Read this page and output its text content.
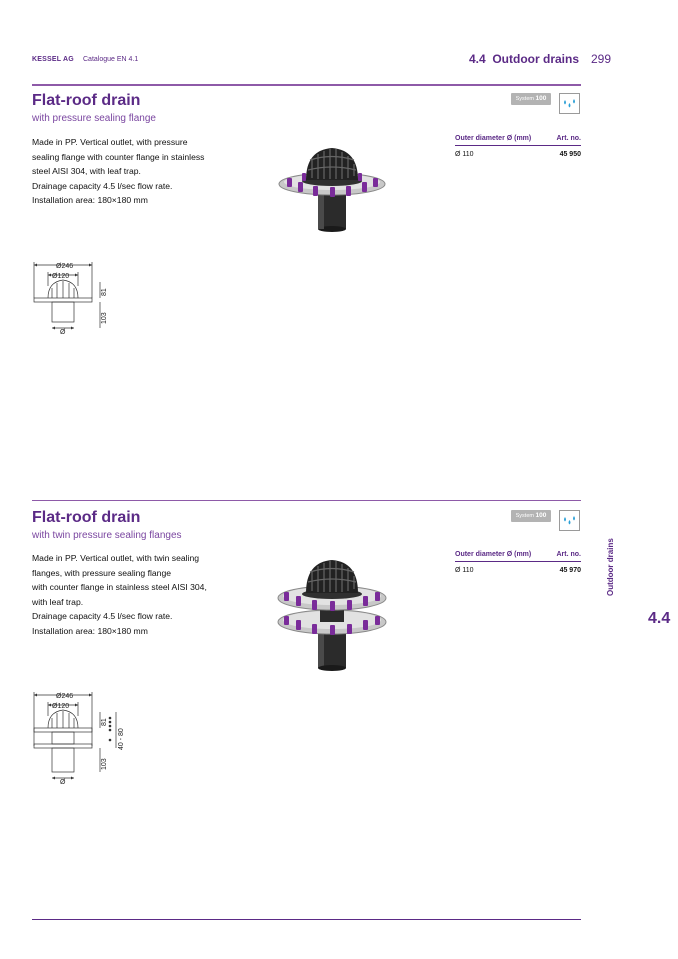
KESSEL AG Catalogue EN 4.1	4.4  Outdoor drains 299
Flat-roof drain
with pressure sealing flange
Made in PP. Vertical outlet, with pressure
sealing flange with counter flange in stainless
steel AISI 304, with leaf trap.
Drainage capacity 4.5 l/sec flow rate.
Installation area: 180×180 mm
System 100
Outer diameter Ø (mm)	Art. no.
Ø 110	45 950
Ø246
Ø120
Ø
81
103
Flat-roof drain
with twin pressure sealing flanges
Made in PP. Vertical outlet, with twin sealing
flanges, with pressure sealing flange
with counter flange in stainless steel AISI 304,
with leaf trap.
Drainage capacity 4.5 l/sec flow rate.
Installation area: 180×180 mm
System 100
Outer diameter Ø (mm)	Art. no.
Ø 110	45 970
Ø246
Ø120
Ø
81
103
40 - 80
Outdoor drains
4.4
